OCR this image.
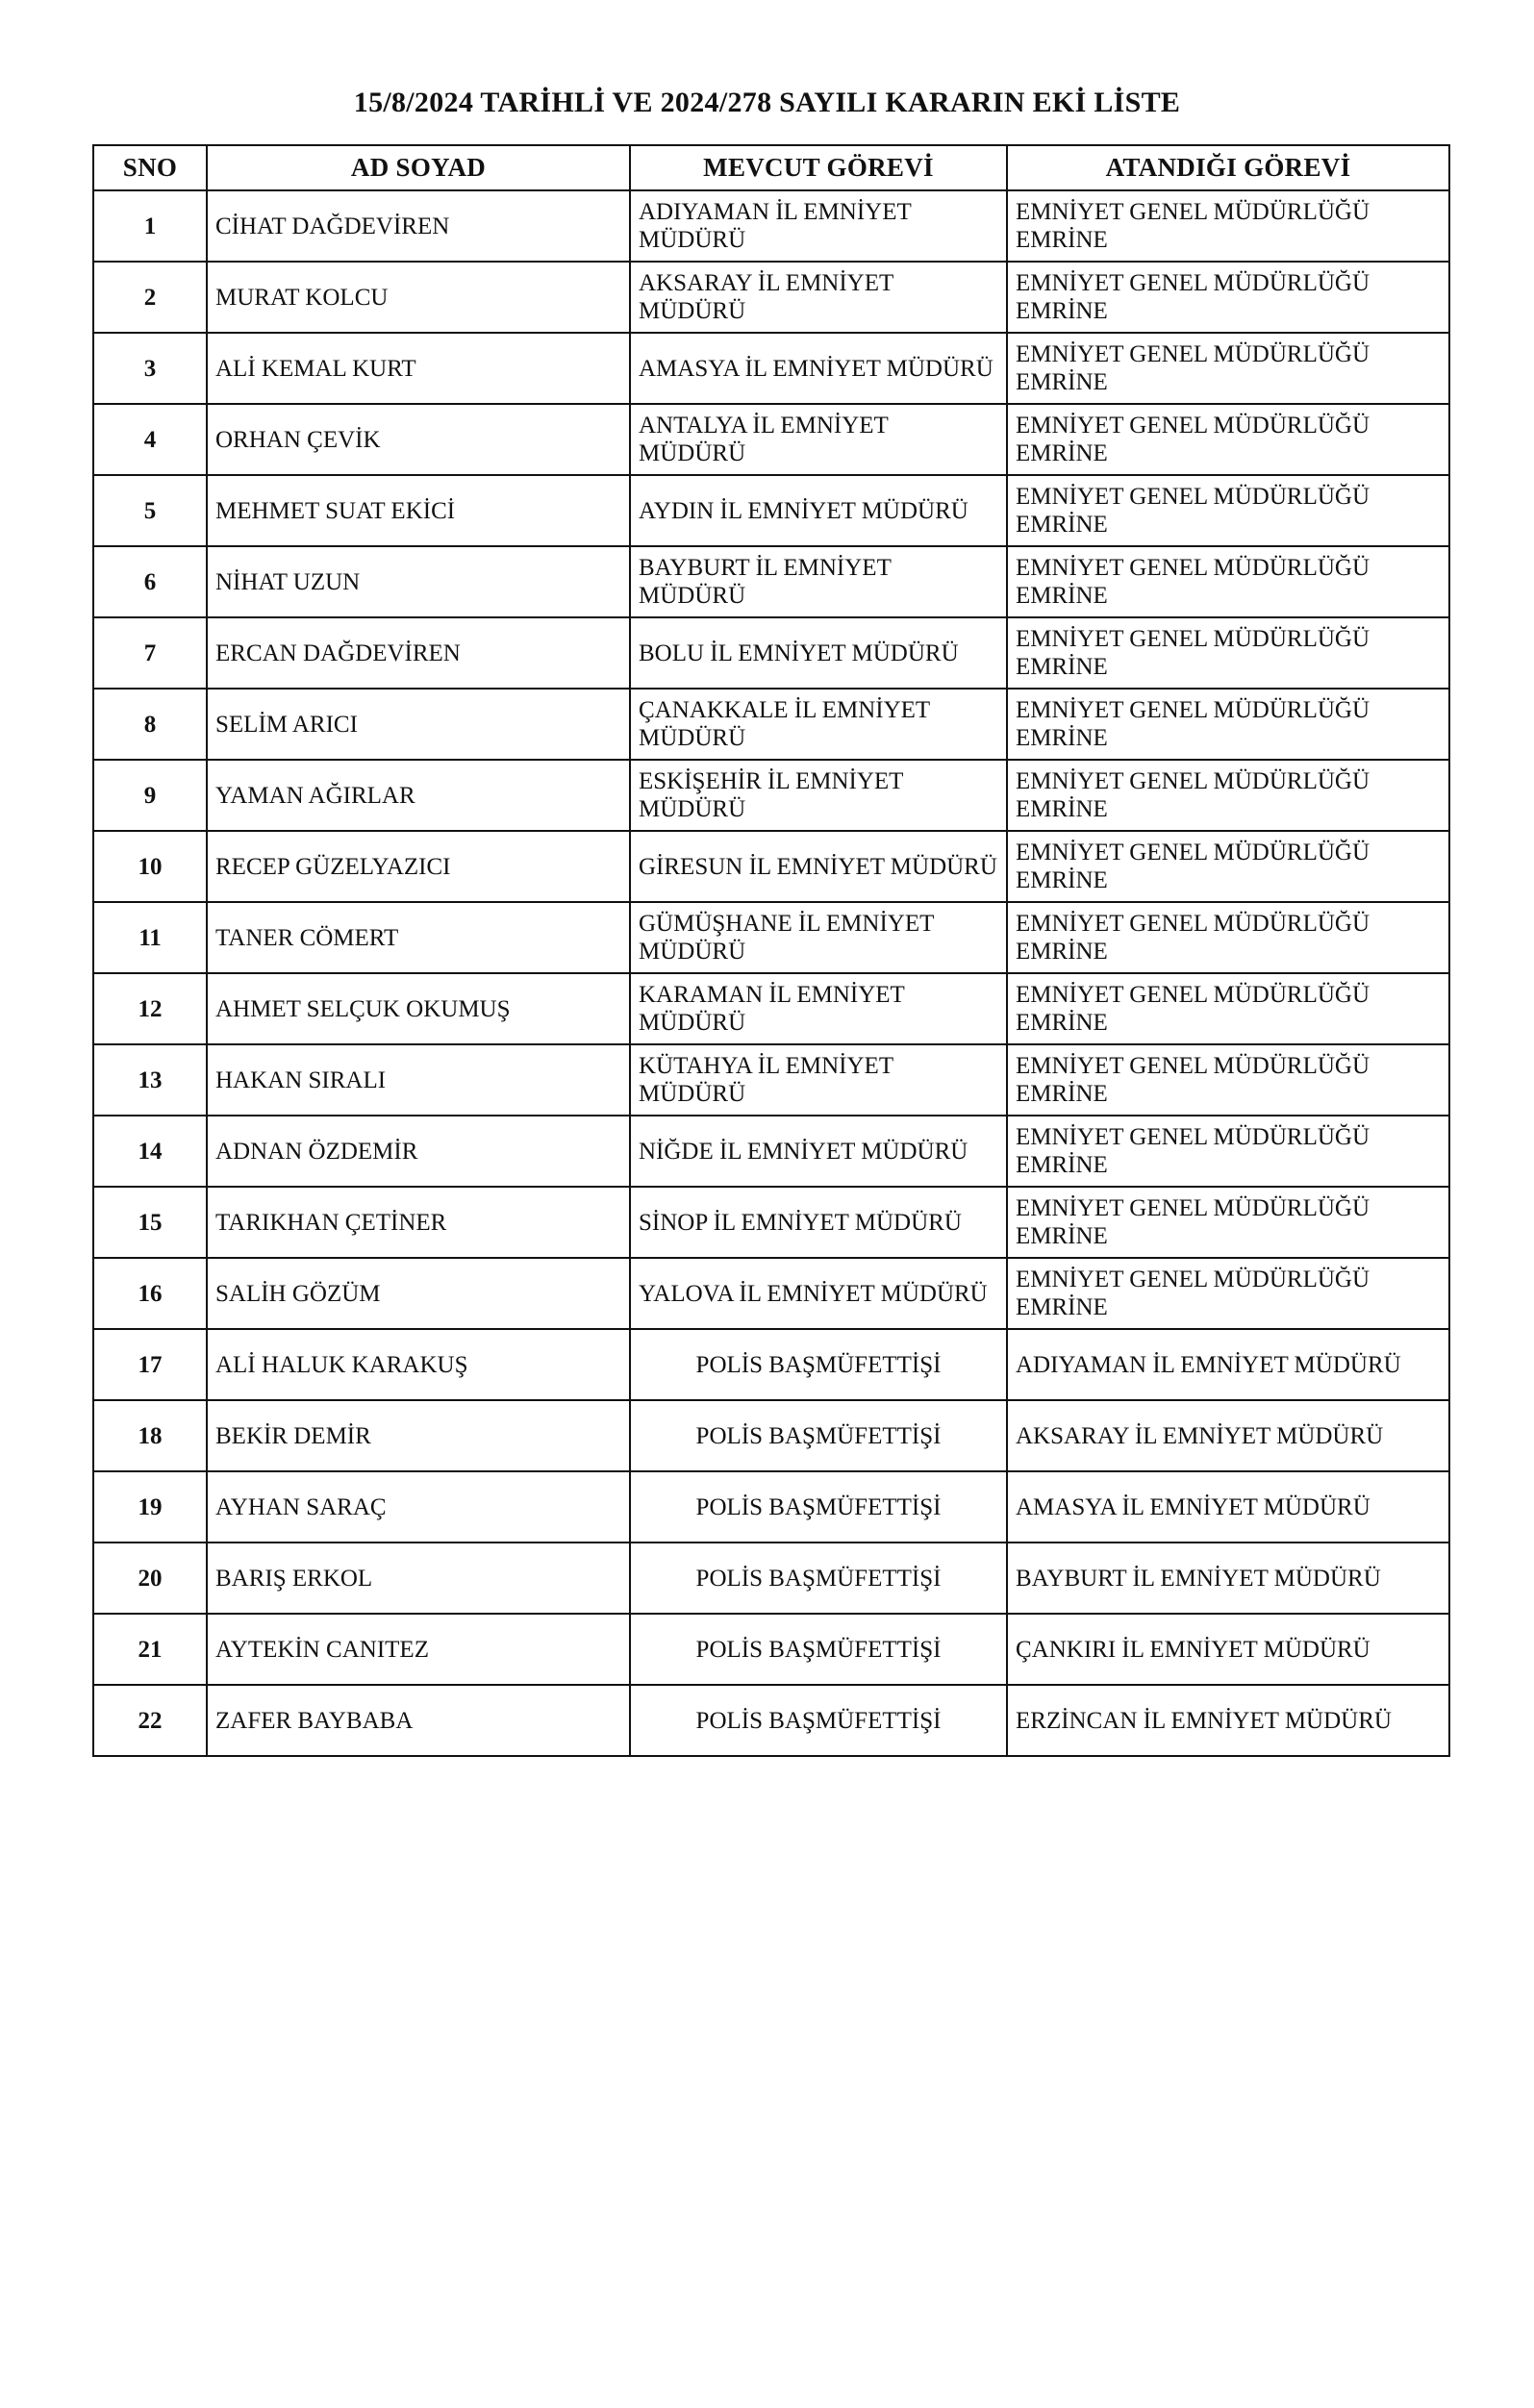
15/8/2024 TARİHLİ VE 2024/278 SAYILI KARARIN EKİ LİSTE
SNO	AD SOYAD	MEVCUT GÖREVİ	ATANDIĞI GÖREVİ
1	CİHAT DAĞDEVİREN	ADIYAMAN İL EMNİYET MÜDÜRÜ	EMNİYET GENEL MÜDÜRLÜĞÜ EMRİNE
2	MURAT KOLCU	AKSARAY İL EMNİYET MÜDÜRÜ	EMNİYET GENEL MÜDÜRLÜĞÜ EMRİNE
3	ALİ KEMAL KURT	AMASYA İL EMNİYET MÜDÜRÜ	EMNİYET GENEL MÜDÜRLÜĞÜ EMRİNE
4	ORHAN ÇEVİK	ANTALYA İL EMNİYET MÜDÜRÜ	EMNİYET GENEL MÜDÜRLÜĞÜ EMRİNE
5	MEHMET SUAT EKİCİ	AYDIN İL EMNİYET MÜDÜRÜ	EMNİYET GENEL MÜDÜRLÜĞÜ EMRİNE
6	NİHAT UZUN	BAYBURT İL EMNİYET MÜDÜRÜ	EMNİYET GENEL MÜDÜRLÜĞÜ EMRİNE
7	ERCAN DAĞDEVİREN	BOLU İL EMNİYET MÜDÜRÜ	EMNİYET GENEL MÜDÜRLÜĞÜ EMRİNE
8	SELİM ARICI	ÇANAKKALE İL EMNİYET MÜDÜRÜ	EMNİYET GENEL MÜDÜRLÜĞÜ EMRİNE
9	YAMAN AĞIRLAR	ESKİŞEHİR İL EMNİYET MÜDÜRÜ	EMNİYET GENEL MÜDÜRLÜĞÜ EMRİNE
10	RECEP GÜZELYAZICI	GİRESUN İL EMNİYET MÜDÜRÜ	EMNİYET GENEL MÜDÜRLÜĞÜ EMRİNE
11	TANER CÖMERT	GÜMÜŞHANE İL EMNİYET MÜDÜRÜ	EMNİYET GENEL MÜDÜRLÜĞÜ EMRİNE
12	AHMET SELÇUK OKUMUŞ	KARAMAN İL EMNİYET MÜDÜRÜ	EMNİYET GENEL MÜDÜRLÜĞÜ EMRİNE
13	HAKAN SIRALI	KÜTAHYA İL EMNİYET MÜDÜRÜ	EMNİYET GENEL MÜDÜRLÜĞÜ EMRİNE
14	ADNAN ÖZDEMİR	NİĞDE İL EMNİYET MÜDÜRÜ	EMNİYET GENEL MÜDÜRLÜĞÜ EMRİNE
15	TARIKHAN ÇETİNER	SİNOP İL EMNİYET MÜDÜRÜ	EMNİYET GENEL MÜDÜRLÜĞÜ EMRİNE
16	SALİH GÖZÜM	YALOVA İL EMNİYET MÜDÜRÜ	EMNİYET GENEL MÜDÜRLÜĞÜ EMRİNE
17	ALİ HALUK KARAKUŞ	POLİS BAŞMÜFETTİŞİ	ADIYAMAN İL EMNİYET MÜDÜRÜ
18	BEKİR DEMİR	POLİS BAŞMÜFETTİŞİ	AKSARAY İL EMNİYET MÜDÜRÜ
19	AYHAN SARAÇ	POLİS BAŞMÜFETTİŞİ	AMASYA İL EMNİYET MÜDÜRÜ
20	BARIŞ ERKOL	POLİS BAŞMÜFETTİŞİ	BAYBURT İL EMNİYET MÜDÜRÜ
21	AYTEKİN CANITEZ	POLİS BAŞMÜFETTİŞİ	ÇANKIRI İL EMNİYET MÜDÜRÜ
22	ZAFER BAYBABA	POLİS BAŞMÜFETTİŞİ	ERZİNCAN İL EMNİYET MÜDÜRÜ
